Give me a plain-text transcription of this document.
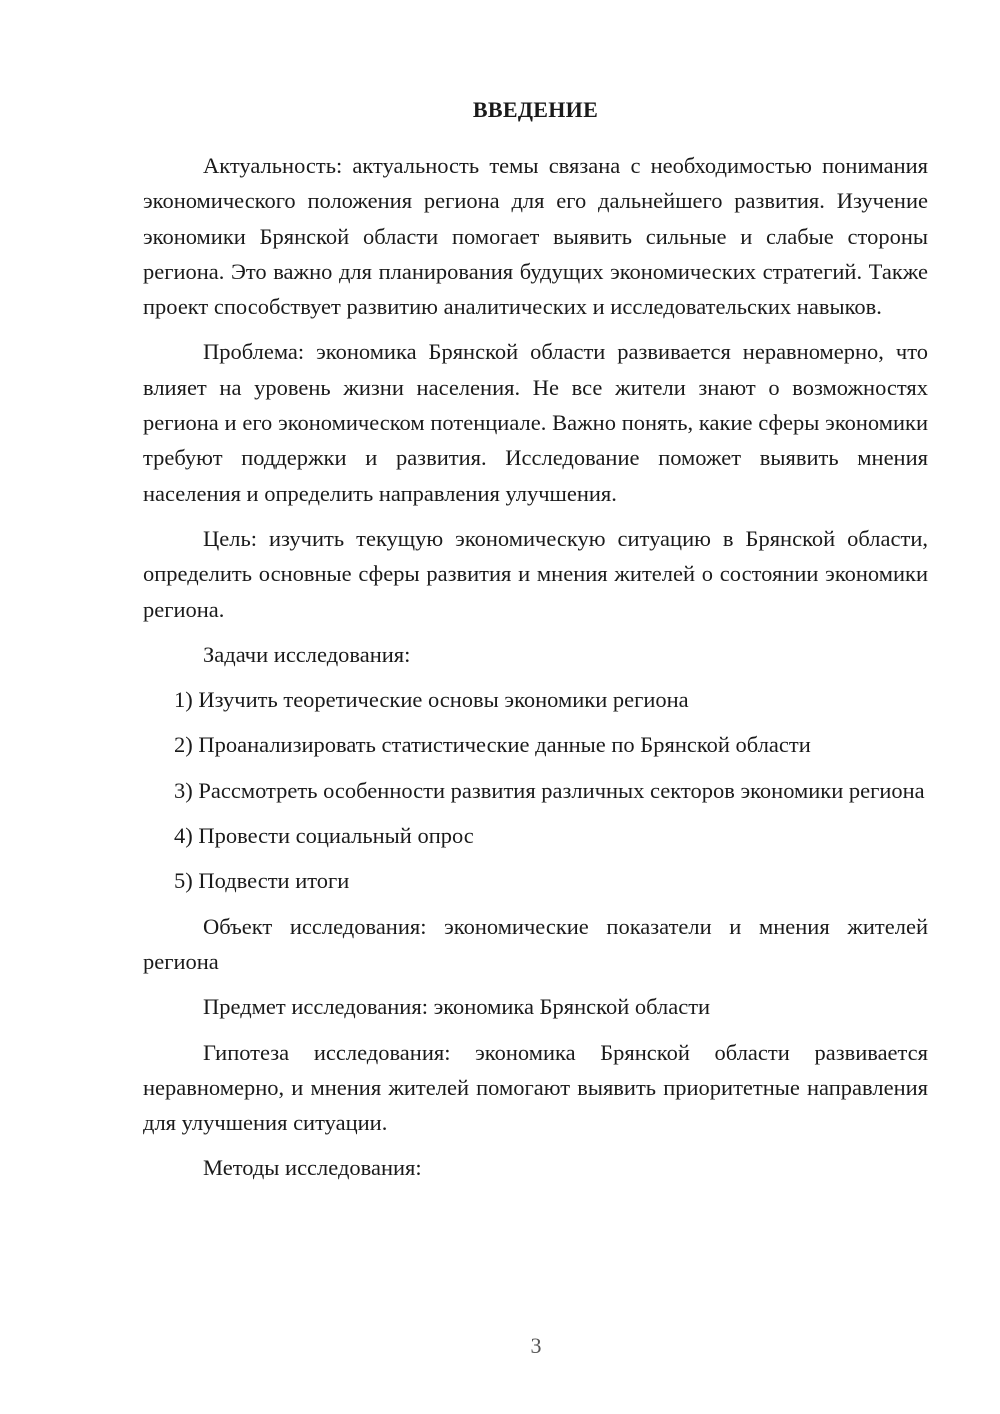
ВВЕДЕНИЕ

Актуальность: актуальность темы связана с необходимостью понимания экономического положения региона для его дальнейшего развития. Изучение экономики Брянской области помогает выявить сильные и слабые стороны региона. Это важно для планирования будущих экономических стратегий. Также проект способствует развитию аналитических и исследовательских навыков.

Проблема: экономика Брянской области развивается неравномерно, что влияет на уровень жизни населения. Не все жители знают о возможностях региона и его экономическом потенциале. Важно понять, какие сферы экономики требуют поддержки и развития. Исследование поможет выявить мнения населения и определить направления улучшения.

Цель: изучить текущую экономическую ситуацию в Брянской области, определить основные сферы развития и мнения жителей о состоянии экономики региона.

Задачи исследования:

1) Изучить теоретические основы экономики региона

2) Проанализировать статистические данные по Брянской области

3) Рассмотреть особенности развития различных секторов экономики региона

4) Провести социальный опрос

5) Подвести итоги

Объект исследования: экономические показатели и мнения жителей региона

Предмет исследования: экономика Брянской области

Гипотеза исследования: экономика Брянской области развивается неравномерно, и мнения жителей помогают выявить приоритетные направления для улучшения ситуации.

Методы исследования:

3
